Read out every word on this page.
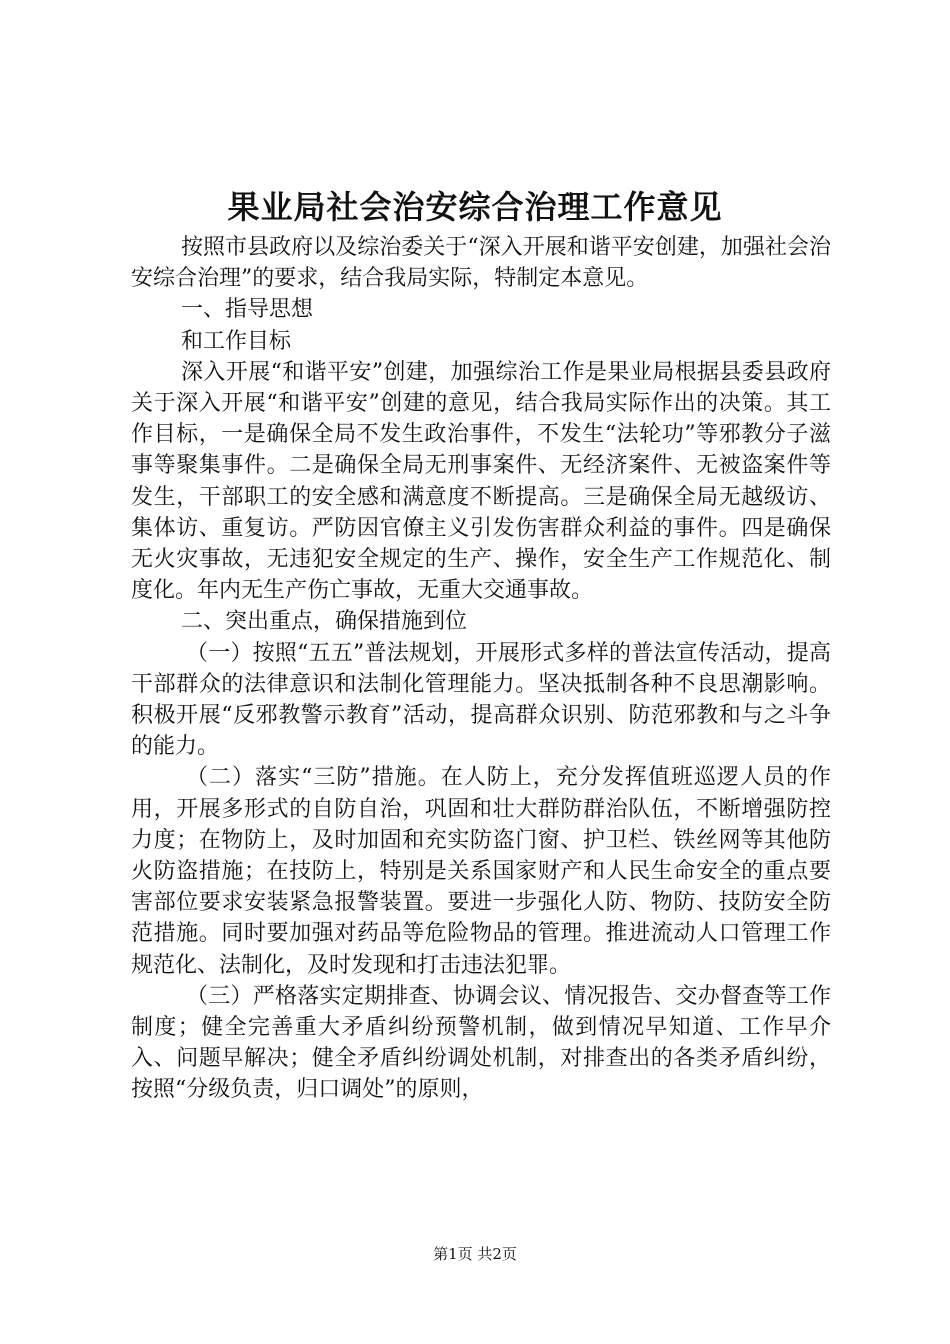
果业局社会治安综合治理工作意见

按照市县政府以及综治委关于“深入开展和谐平安创建，加强社会治安综合治理”的要求，结合我局实际，特制定本意见。

一、指导思想

和工作目标

深入开展“和谐平安”创建，加强综治工作是果业局根据县委县政府关于深入开展“和谐平安”创建的意见，结合我局实际作出的决策。其工作目标，一是确保全局不发生政治事件，不发生“法轮功”等邪教分子滋事等聚集事件。二是确保全局无刑事案件、无经济案件、无被盗案件等发生，干部职工的安全感和满意度不断提高。三是确保全局无越级访、集体访、重复访。严防因官僚主义引发伤害群众利益的事件。四是确保无火灾事故，无违犯安全规定的生产、操作，安全生产工作规范化、制度化。年内无生产伤亡事故，无重大交通事故。

二、突出重点，确保措施到位

（一）按照“五五”普法规划，开展形式多样的普法宣传活动，提高干部群众的法律意识和法制化管理能力。坚决抵制各种不良思潮影响。积极开展“反邪教警示教育”活动，提高群众识别、防范邪教和与之斗争的能力。

（二）落实“三防”措施。在人防上，充分发挥值班巡逻人员的作用，开展多形式的自防自治，巩固和壮大群防群治队伍，不断增强防控力度；在物防上，及时加固和充实防盗门窗、护卫栏、铁丝网等其他防火防盗措施；在技防上，特别是关系国家财产和人民生命安全的重点要害部位要求安装紧急报警装置。要进一步强化人防、物防、技防安全防范措施。同时要加强对药品等危险物品的管理。推进流动人口管理工作规范化、法制化，及时发现和打击违法犯罪。

（三）严格落实定期排查、协调会议、情况报告、交办督查等工作制度；健全完善重大矛盾纠纷预警机制，做到情况早知道、工作早介入、问题早解决；健全矛盾纠纷调处机制，对排查出的各类矛盾纠纷，按照“分级负责，归口调处”的原则，

第1页 共2页
